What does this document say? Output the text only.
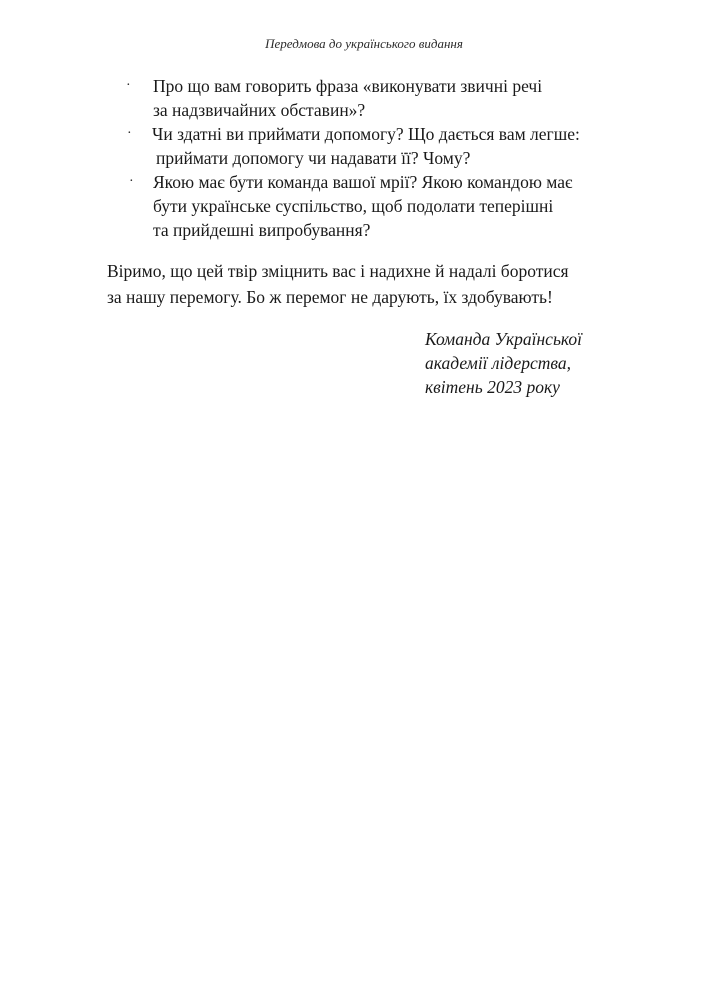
Передмова до українського видання
· Про що вам говорить фраза «виконувати звичні речі
за надзвичайних обставин»?
· Чи здатні ви приймати допомогу? Що дається вам легше:
приймати допомогу чи надавати її? Чому?
· Якою має бути команда вашої мрії? Якою командою має
бути українське суспільство, щоб подолати теперішні
та прийдешні випробування?

Віримо, що цей твір зміцнить вас і надихне й надалі боротися
за нашу перемогу. Бо ж перемог не дарують, їх здобувають!

Команда Української
академії лідерства,
квітень 2023 року
